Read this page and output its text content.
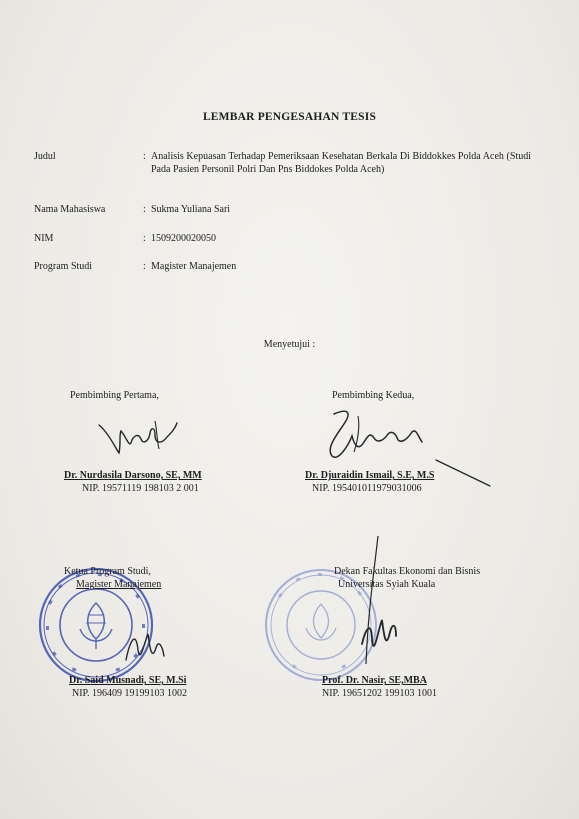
LEMBAR PENGESAHAN TESIS
Judul	: Analisis Kepuasan Terhadap Pemeriksaan Kesehatan Berkala Di Biddokkes Polda Aceh (Studi Pada Pasien Personil Polri Dan Pns Biddokes Polda Aceh)
Nama Mahasiswa	: Sukma Yuliana Sari
NIM	: 1509200020050
Program Studi	: Magister Manajemen
Menyetujui :
Pembimbing Pertama,	Pembimbing Kedua,
Dr. Nurdasila Darsono, SE, MM
NIP. 19571119 198103 2 001
Dr. Djuraidin Ismail, S.E, M.S
NIP. 195401011979031006
Ketua Program Studi,
Magister Manajemen
Dekan Fakultas Ekonomi dan Bisnis
Universitas Syiah Kuala
Dr. Said Musnadi, SE, M.Si
NIP. 196409 19199103 1002
Prof. Dr. Nasir, SE,MBA
NIP. 19651202 199103 1001
